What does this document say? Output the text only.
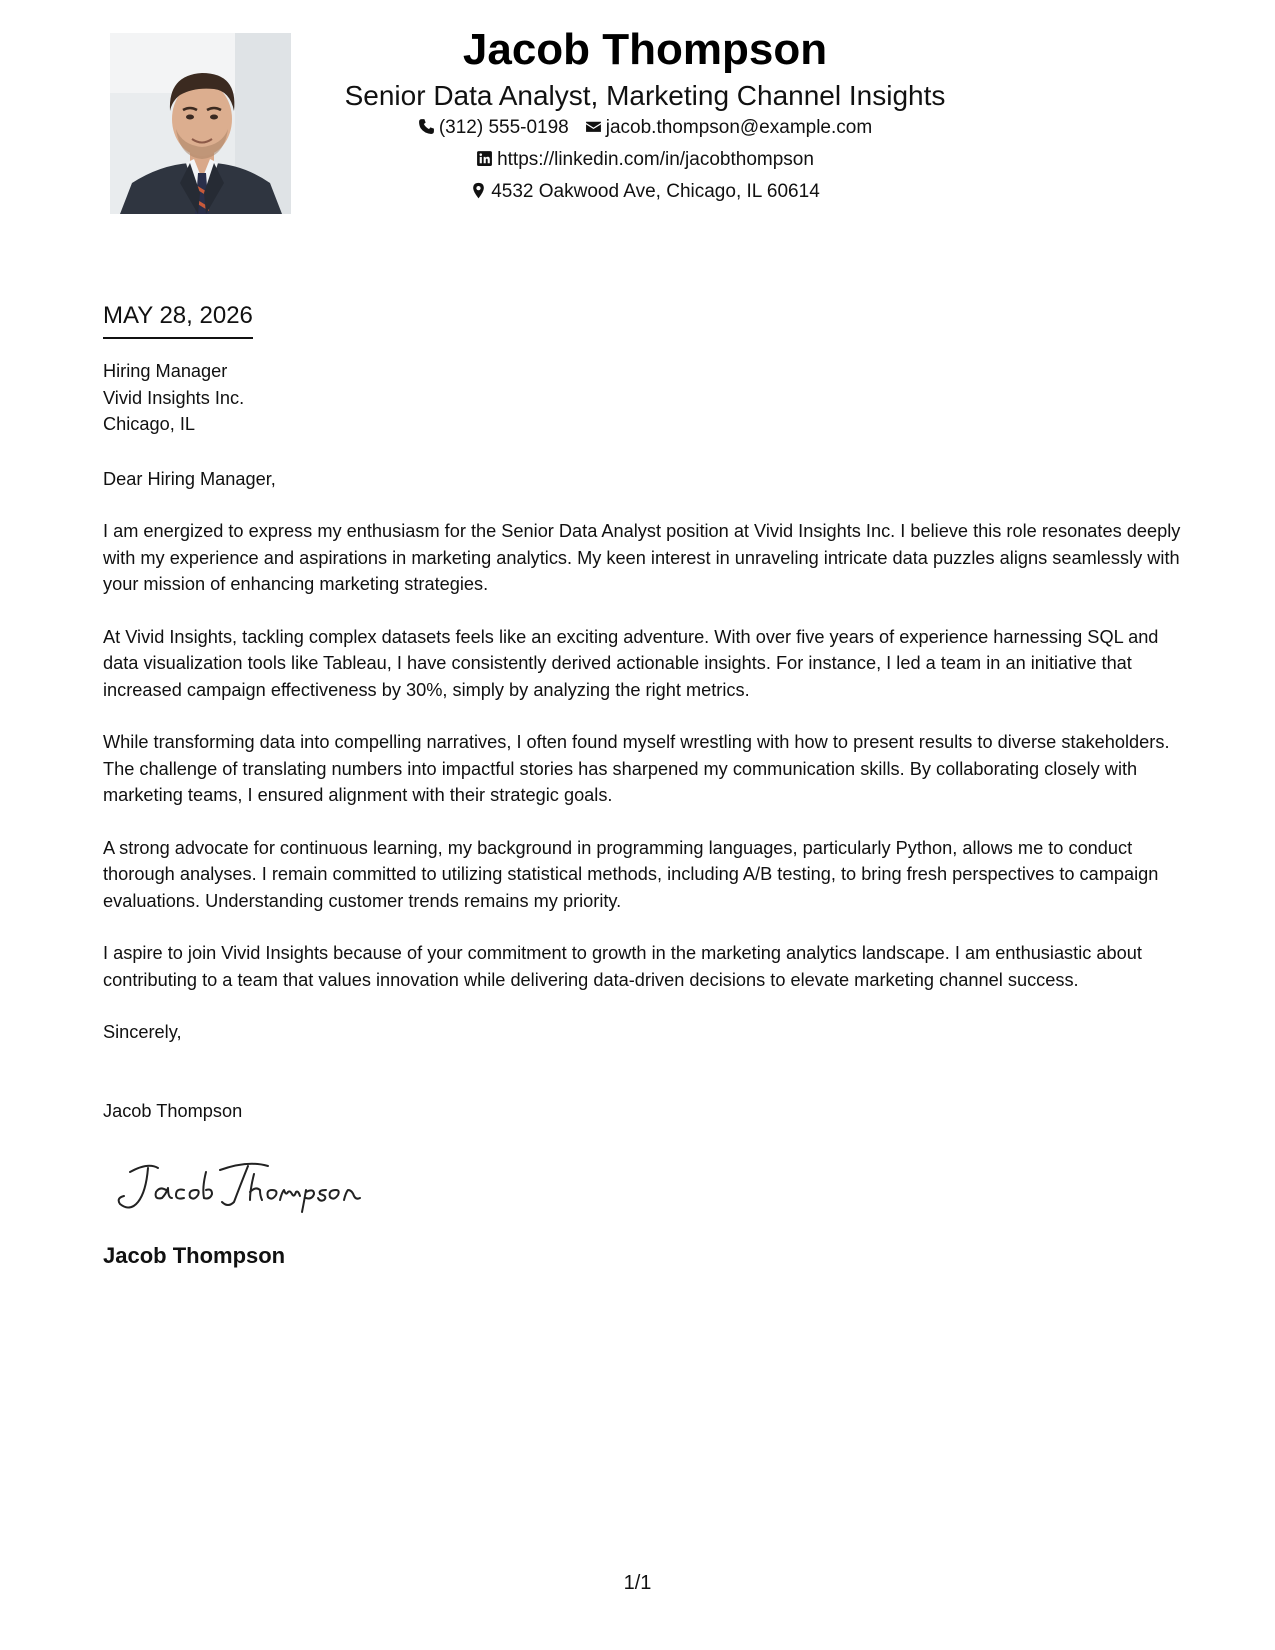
Jacob Thompson
Senior Data Analyst, Marketing Channel Insights
(312) 555-0198 jacob.thompson@example.com
https://linkedin.com/in/jacobthompson
4532 Oakwood Ave, Chicago, IL 60614
MAY 28, 2026
Hiring Manager
Vivid Insights Inc.
Chicago, IL

Dear Hiring Manager,

I am energized to express my enthusiasm for the Senior Data Analyst position at Vivid Insights Inc. I believe this role resonates deeply with my experience and aspirations in marketing analytics. My keen interest in unraveling intricate data puzzles aligns seamlessly with your mission of enhancing marketing strategies.

At Vivid Insights, tackling complex datasets feels like an exciting adventure. With over five years of experience harnessing SQL and data visualization tools like Tableau, I have consistently derived actionable insights. For instance, I led a team in an initiative that increased campaign effectiveness by 30%, simply by analyzing the right metrics.

While transforming data into compelling narratives, I often found myself wrestling with how to present results to diverse stakeholders. The challenge of translating numbers into impactful stories has sharpened my communication skills. By collaborating closely with marketing teams, I ensured alignment with their strategic goals.

A strong advocate for continuous learning, my background in programming languages, particularly Python, allows me to conduct thorough analyses. I remain committed to utilizing statistical methods, including A/B testing, to bring fresh perspectives to campaign evaluations. Understanding customer trends remains my priority.

I aspire to join Vivid Insights because of your commitment to growth in the marketing analytics landscape. I am enthusiastic about contributing to a team that values innovation while delivering data-driven decisions to elevate marketing channel success.

Sincerely,

Jacob Thompson

Jacob Thompson
1/1
